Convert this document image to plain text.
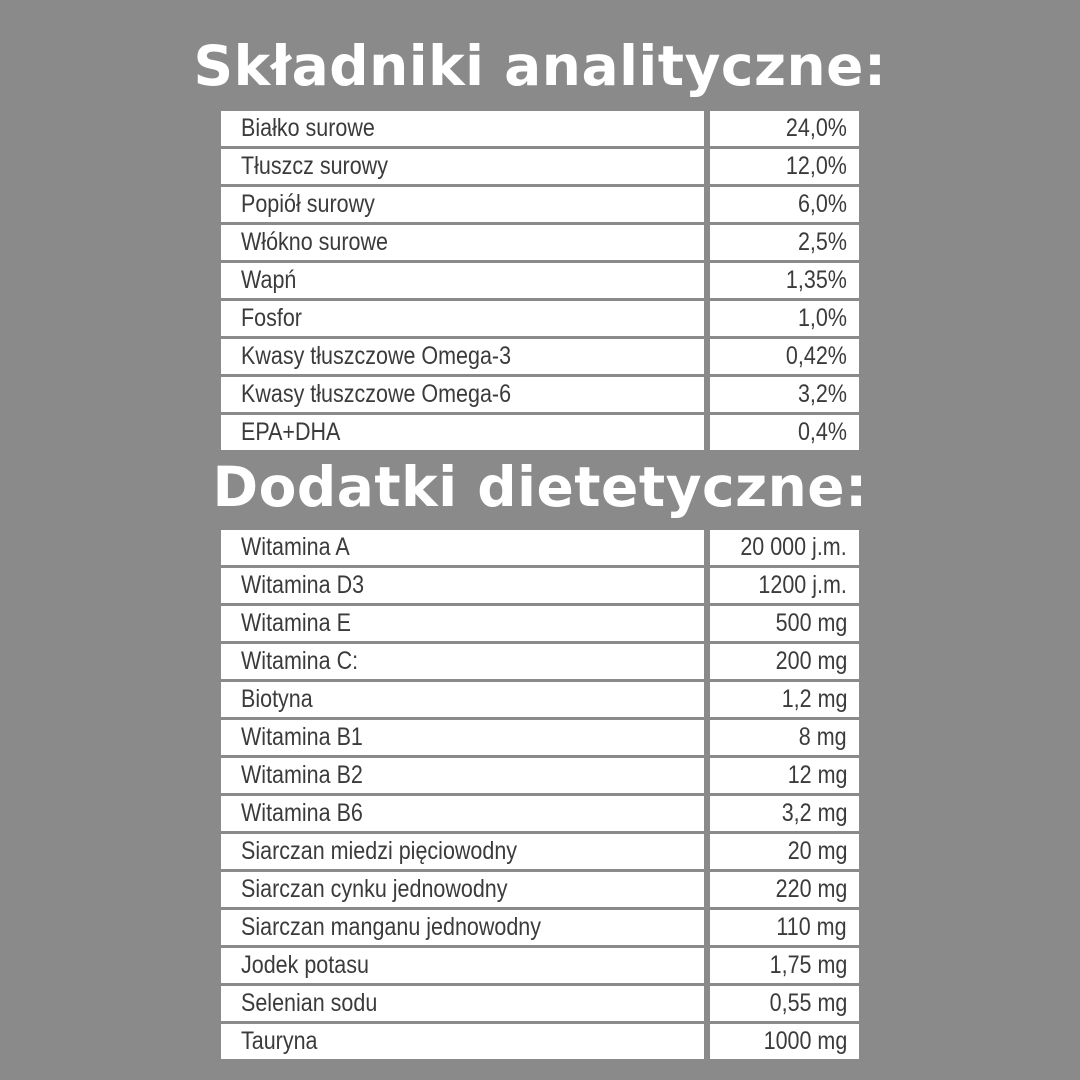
Składniki analityczne:
Białko surowe	24,0%
Tłuszcz surowy	12,0%
Popiół surowy	6,0%
Włókno surowe	2,5%
Wapń	1,35%
Fosfor	1,0%
Kwasy tłuszczowe Omega-3	0,42%
Kwasy tłuszczowe Omega-6	3,2%
EPA+DHA	0,4%
Dodatki dietetyczne:
Witamina A	20 000 j.m.
Witamina D3	1200 j.m.
Witamina E	500 mg
Witamina C:	200 mg
Biotyna	1,2 mg
Witamina B1	8 mg
Witamina B2	12 mg
Witamina B6	3,2 mg
Siarczan miedzi pięciowodny	20 mg
Siarczan cynku jednowodny	220 mg
Siarczan manganu jednowodny	110 mg
Jodek potasu	1,75 mg
Selenian sodu	0,55 mg
Tauryna	1000 mg
